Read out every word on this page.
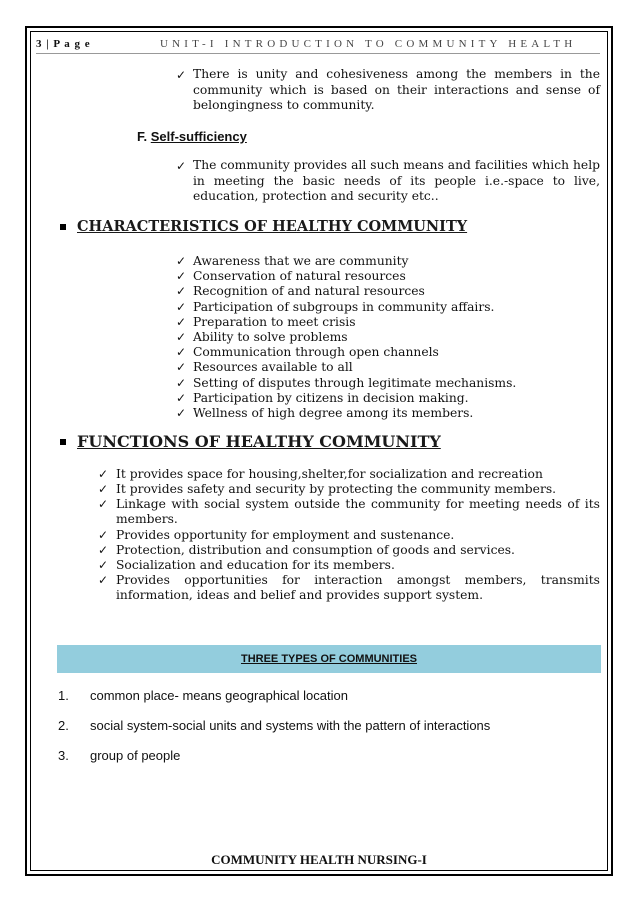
3 | P a g e	UNIT-I INTRODUCTION TO COMMUNITY HEALTH
✓ There is unity and cohesiveness among the members in the community which is based on their interactions and sense of belongingness to community.
F. Self-sufficiency
✓ The community provides all such means and facilities which help in meeting the basic needs of its people i.e.-space to live, education, protection and security etc..
CHARACTERISTICS OF HEALTHY COMMUNITY
✓ Awareness that we are community
✓ Conservation of natural resources
✓ Recognition of and natural resources
✓ Participation of subgroups in community affairs.
✓ Preparation to meet crisis
✓ Ability to solve problems
✓ Communication through open channels
✓ Resources available to all
✓ Setting of disputes through legitimate mechanisms.
✓ Participation by citizens in decision making.
✓ Wellness of high degree among its members.
FUNCTIONS OF HEALTHY COMMUNITY
✓ It provides space for housing,shelter,for socialization and recreation
✓ It provides safety and security by protecting the community members.
✓ Linkage with social system outside the community for meeting needs of its members.
✓ Provides opportunity for employment and sustenance.
✓ Protection, distribution and consumption of goods and services.
✓ Socialization and education for its members.
✓ Provides opportunities for interaction amongst members, transmits information, ideas and belief and provides support system.
THREE TYPES OF COMMUNITIES
1. common place- means geographical location
2. social system-social units and systems with the pattern of interactions
3. group of people
COMMUNITY HEALTH NURSING-I
